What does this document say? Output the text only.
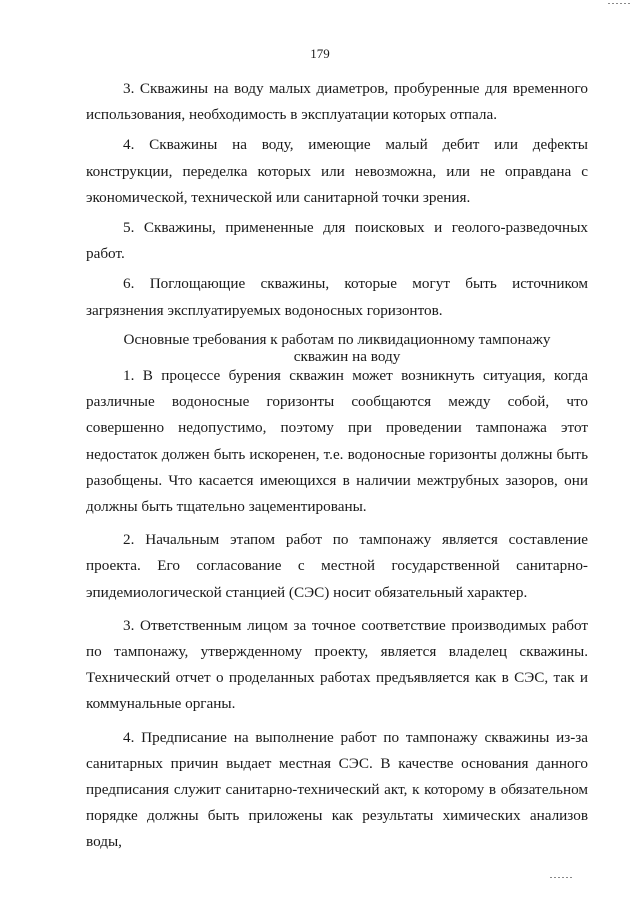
179

3. Скважины на воду малых диаметров, пробуренные для временного использования, необходимость в эксплуатации которых отпала.

4. Скважины на воду, имеющие малый дебит или дефекты конструкции, переделка которых или невозможна, или не оправдана с экономической, технической или санитарной точки зрения.

5. Скважины, примененные для поисковых и геолого-разведочных работ.

6. Поглощающие скважины, которые могут быть источником загрязнения эксплуатируемых водоносных горизонтов.

Основные требования к работам по ликвидационному тампонажу
скважин на воду

1. В процессе бурения скважин может возникнуть ситуация, когда различные водоносные горизонты сообщаются между собой, что совершенно недопустимо, поэтому при проведении тампонажа этот недостаток должен быть искоренен, т.е. водоносные горизонты должны быть разобщены. Что касается имеющихся в наличии межтрубных зазоров, они должны быть тщательно зацементированы.

2. Начальным этапом работ по тампонажу является составление проекта. Его согласование с местной государственной санитарно-эпидемиологической станцией (СЭС) носит обязательный характер.

3. Ответственным лицом за точное соответствие производимых работ по тампонажу, утвержденному проекту, является владелец скважины. Технический отчет о проделанных работах предъявляется как в СЭС, так и коммунальные органы.

4. Предписание на выполнение работ по тампонажу скважины из-за санитарных причин выдает местная СЭС. В качестве основания данного предписания служит санитарно-технический акт, к которому в обязательном порядке должны быть приложены как результаты химических анализов воды,
